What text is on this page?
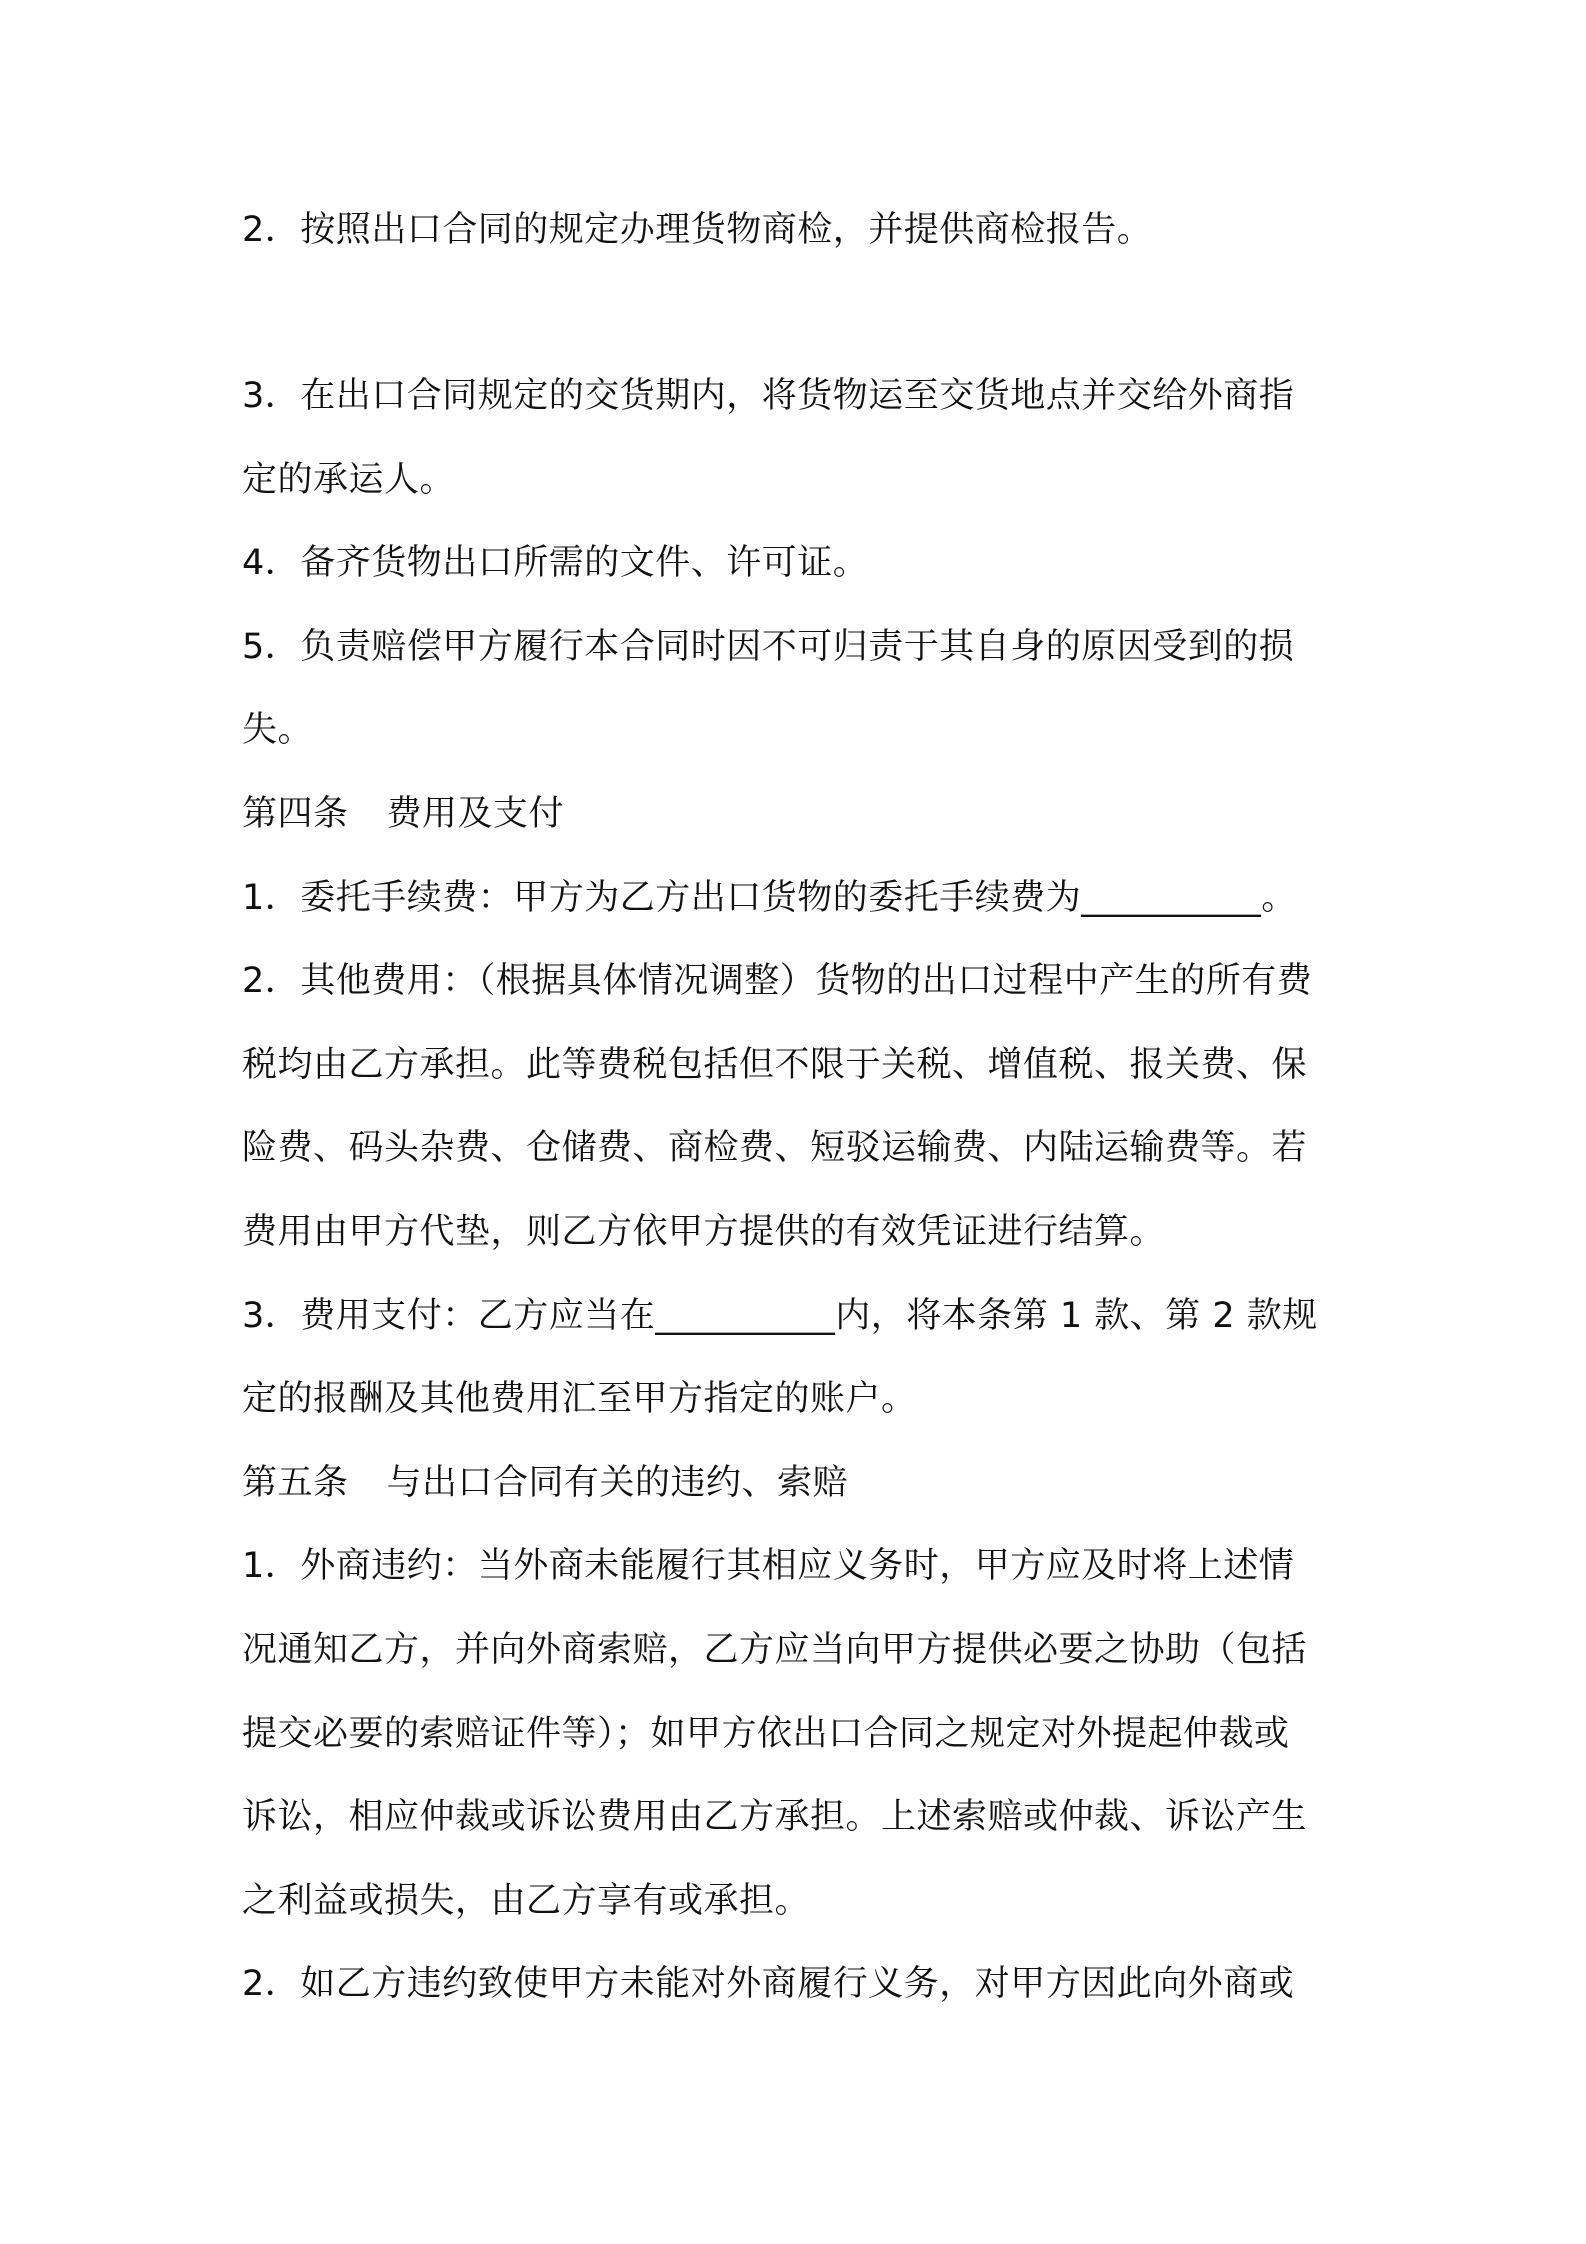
2．按照出口合同的规定办理货物商检，并提供商检报告。
3．在出口合同规定的交货期内，将货物运至交货地点并交给外商指
定的承运人。
4．备齐货物出口所需的文件、许可证。
5．负责赔偿甲方履行本合同时因不可归责于其自身的原因受到的损
失。
第四条 费用及支付
1．委托手续费：甲方为乙方出口货物的委托手续费为__________。
2．其他费用：（根据具体情况调整）货物的出口过程中产生的所有费
税均由乙方承担。此等费税包括但不限于关税、增值税、报关费、保
险费、码头杂费、仓储费、商检费、短驳运输费、内陆运输费等。若
费用由甲方代垫，则乙方依甲方提供的有效凭证进行结算。
3．费用支付：乙方应当在__________内，将本条第 1 款、第 2 款规
定的报酬及其他费用汇至甲方指定的账户。
第五条 与出口合同有关的违约、索赔
1．外商违约：当外商未能履行其相应义务时，甲方应及时将上述情
况通知乙方，并向外商索赔，乙方应当向甲方提供必要之协助（包括
提交必要的索赔证件等）；如甲方依出口合同之规定对外提起仲裁或
诉讼，相应仲裁或诉讼费用由乙方承担。上述索赔或仲裁、诉讼产生
之利益或损失，由乙方享有或承担。
2．如乙方违约致使甲方未能对外商履行义务，对甲方因此向外商或
